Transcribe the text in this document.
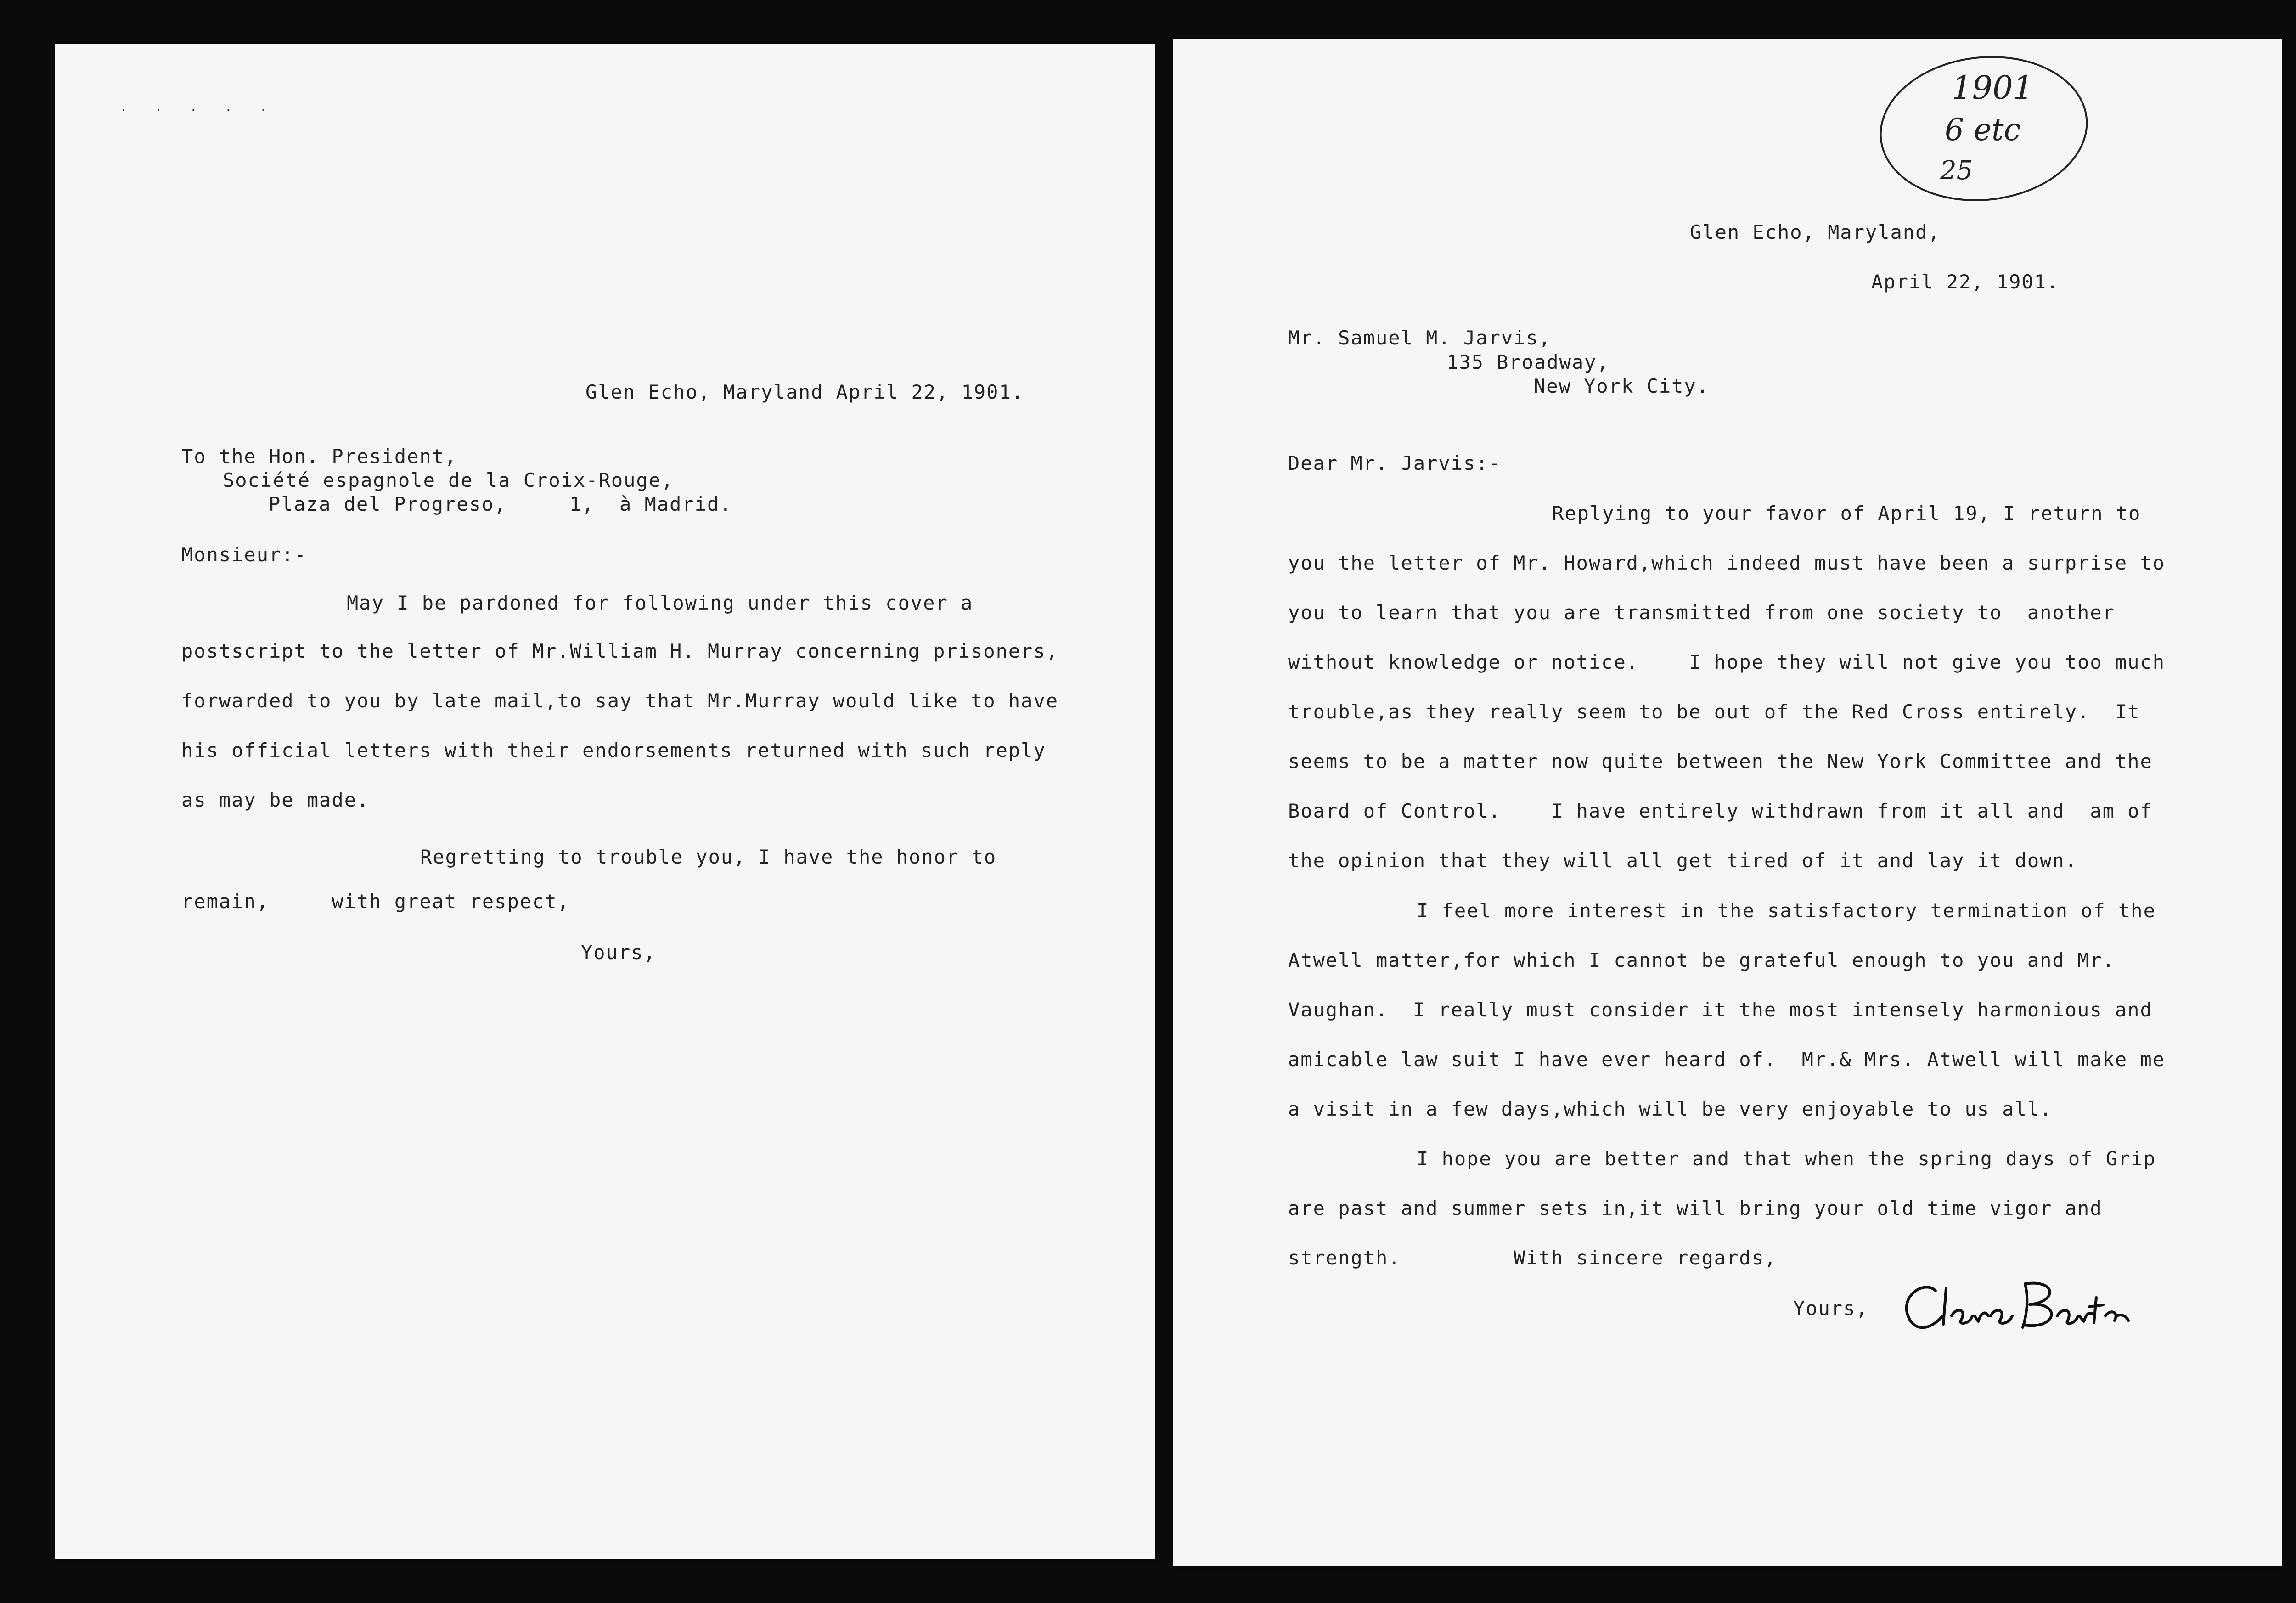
. . . . .
Glen Echo, Maryland April 22, 1901.
To the Hon. President,
Société espagnole de la Croix-Rouge,
Plaza del Progreso,     1,  à Madrid.
Monsieur:-
May I be pardoned for following under this cover a
postscript to the letter of Mr.William H. Murray concerning prisoners,
forwarded to you by late mail,to say that Mr.Murray would like to have
his official letters with their endorsements returned with such reply
as may be made.
Regretting to trouble you, I have the honor to
remain,     with great respect,
Yours,
1901
6 etc
25
Glen Echo, Maryland,
April 22, 1901.
Mr. Samuel M. Jarvis,
135 Broadway,
New York City.
Dear Mr. Jarvis:-
Replying to your favor of April 19, I return to
you the letter of Mr. Howard,which indeed must have been a surprise to
you to learn that you are transmitted from one society to  another
without knowledge or notice.    I hope they will not give you too much
trouble,as they really seem to be out of the Red Cross entirely.  It
seems to be a matter now quite between the New York Committee and the
Board of Control.    I have entirely withdrawn from it all and  am of
the opinion that they will all get tired of it and lay it down.
I feel more interest in the satisfactory termination of the
Atwell matter,for which I cannot be grateful enough to you and Mr.
Vaughan.  I really must consider it the most intensely harmonious and
amicable law suit I have ever heard of.  Mr.& Mrs. Atwell will make me
a visit in a few days,which will be very enjoyable to us all.
I hope you are better and that when the spring days of Grip
are past and summer sets in,it will bring your old time vigor and
strength.         With sincere regards,
Yours,
